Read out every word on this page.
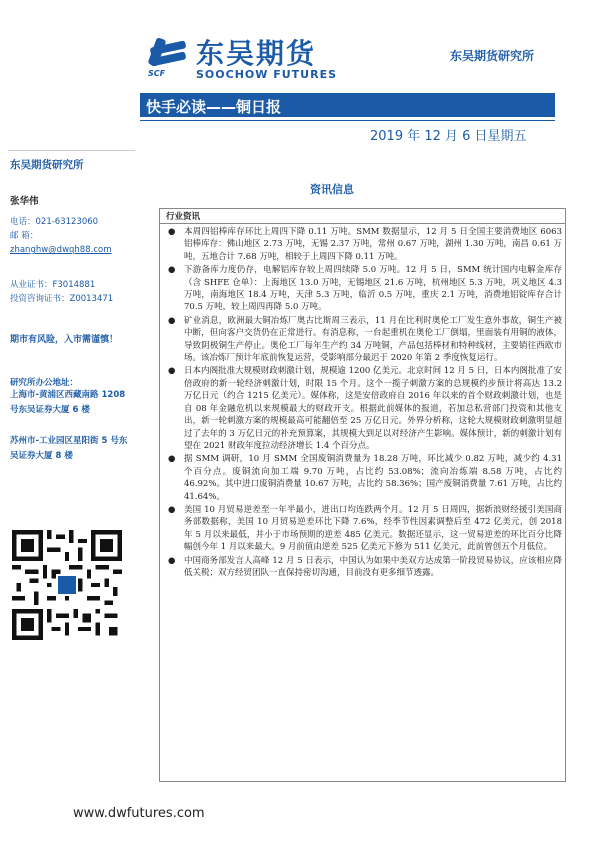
SCF
东吴期货
SOOCHOW FUTURES
东吴期货研究所
快手必读——铜日报
2019 年 12 月 6 日星期五
东吴期货研究所
张华伟
电话：021-63123060
邮 箱：
zhanghw@dwqh88.com
从业证书：F3014881
投资咨询证书：Z0013471
期市有风险，入市需谨慎！
研究所办公地址：
上海市-黄浦区西藏南路 1208 号东吴证券大厦 6 楼
苏州市-工业园区星阳街 5 号东吴证券大厦 8 楼
www.dwfutures.com
资讯信息
行业资讯
● 本周四铝棒库存环比上周四下降 0.11 万吨。SMM 数据显示，12 月 5 日全国主要消费地区 6063 铝棒库存：佛山地区 2.73 万吨，无锡 2.37 万吨，常州 0.67 万吨，湖州 1.30 万吨，南昌 0.61 万吨，五地合计 7.68 万吨，相较于上周四下降 0.11 万吨。
● 下游备库力度仍存，电解铝库存较上周四续降 5.0 万吨。12 月 5 日，SMM 统计国内电解金库存（含 SHFE 仓单）：上海地区 13.0 万吨，无锡地区 21.6 万吨，杭州地区 5.3 万吨，巩义地区 4.3 万吨，南海地区 18.4 万吨，天津 5.3 万吨，临沂 0.5 万吨，重庆 2.1 万吨，消费地铝锭库存合计 70.5 万吨，较上周四再降 5.0 万吨。
● 矿业消息，欧洲最大铜冶炼厂奥古比斯周三表示，11 月在比利时奥伦工厂发生意外事故，铜生产被中断，但向客户交货仍在正常进行。有消息称，一台起重机在奥伦工厂倒塌，里面装有用铜的液体，导致阴极铜生产停止。奥伦工厂每年生产约 34 万吨铜，产品包括棒材和特种线材，主要销往西欧市场。该冶炼厂预计年底前恢复运营，受影响部分最迟于 2020 年第 2 季度恢复运行。
● 日本内阁批准大规模财政刺激计划，规模逾 1200 亿美元。北京时间 12 月 5 日，日本内阁批准了安倍政府的新一轮经济刺激计划，时限 15 个月。这个一揽子刺激方案的总规模约步预计将高达 13.2 万亿日元（约合 1215 亿美元）。媒体称，这是安倍政府自 2016 年以来的首个财政刺激计划，也是自 08 年金融危机以来规模最大的财政开支。根据此前媒体的报道，若加总私营部门投资和其他支出，新一轮刺激方案的规模最高可能翻倍至 25 万亿日元。外界分析称，这轮大规模财政刺激明显超过了去年的 3 万亿日元的补充预算案，其规模大到足以对经济产生影响。媒体预计，新的刺激计划有望在 2021 财政年度拉动经济增长 1.4 个百分点。
● 据 SMM 调研，10 月 SMM 全国废铜消费量为 18.28 万吨，环比减少 0.82 万吨，减少约 4.31 个百分点。废铜流向加工端 9.70 万吨，占比约 53.08%；流向冶炼端 8.58 万吨，占比约 46.92%。其中进口废铜消费量 10.67 万吨，占比约 58.36%；国产废铜消费量 7.61 万吨，占比约 41.64%。
● 美国 10 月贸易逆差至一年半最小，进出口均连跌两个月。12 月 5 日周四，据新浪财经援引美国商务部数据称，美国 10 月贸易逆差环比下降 7.6%，经季节性因素调整后至 472 亿美元，创 2018 年 5 月以来最低，并小于市场预期的逆差 485 亿美元。数据还显示，这一贸易逆差的环比百分比降幅创今年 1 月以来最大。9 月前值由逆差 525 亿美元下修为 511 亿美元，此前曾创五个月低位。
● 中国商务部发言人高峰 12 月 5 日表示，中国认为如果中美双方达成第一阶段贸易协议，应该相应降低关税；双方经贸团队一直保持密切沟通，目前没有更多细节透露。
